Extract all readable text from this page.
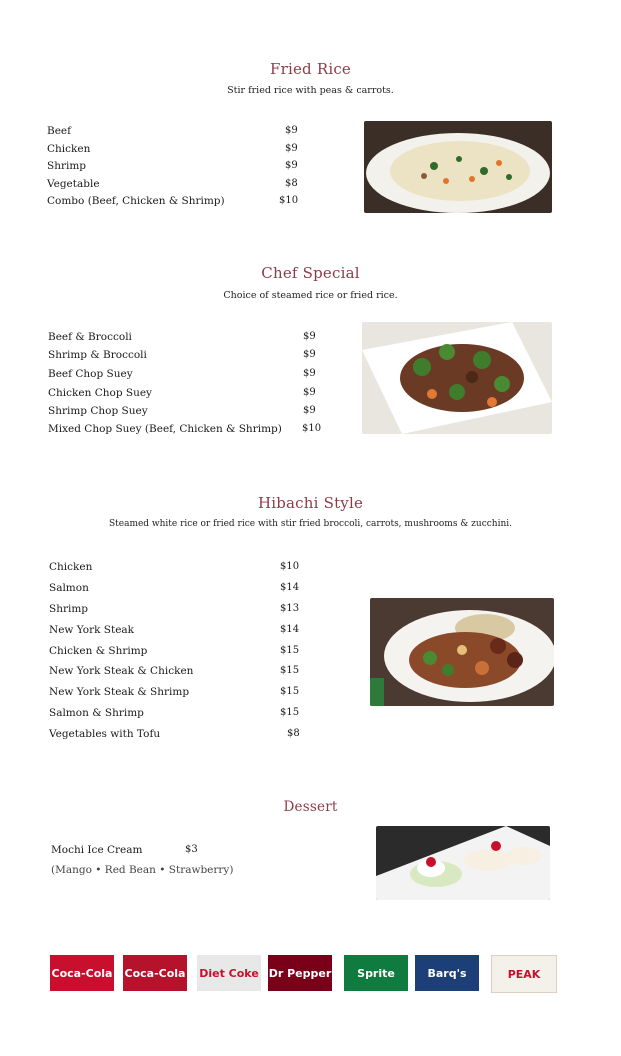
Fried Rice
Stir fried rice with peas & carrots.
Beef	$9
Chicken	$9
Shrimp	$9
Vegetable	$8
Combo (Beef, Chicken & Shrimp)	$10
Chef Special
Choice of steamed rice or fried rice.
Beef & Broccoli	$9
Shrimp & Broccoli	$9
Beef Chop Suey	$9
Chicken Chop Suey	$9
Shrimp Chop Suey	$9
Mixed Chop Suey (Beef, Chicken & Shrimp) $10
Hibachi Style
Steamed white rice or fried rice with stir fried broccoli, carrots, mushrooms & zucchini.
Chicken	$10
Salmon	$14
Shrimp	$13
New York Steak	$14
Chicken & Shrimp	$15
New York Steak & Chicken	$15
New York Steak & Shrimp	$15
Salmon & Shrimp	$15
Vegetables with Tofu	$8
Dessert
Mochi Ice Cream	$3
(Mango • Red Bean • Strawberry)
Coca-Cola Coca-Cola Diet Coke Dr Pepper Sprite	Barq's	PEAK
